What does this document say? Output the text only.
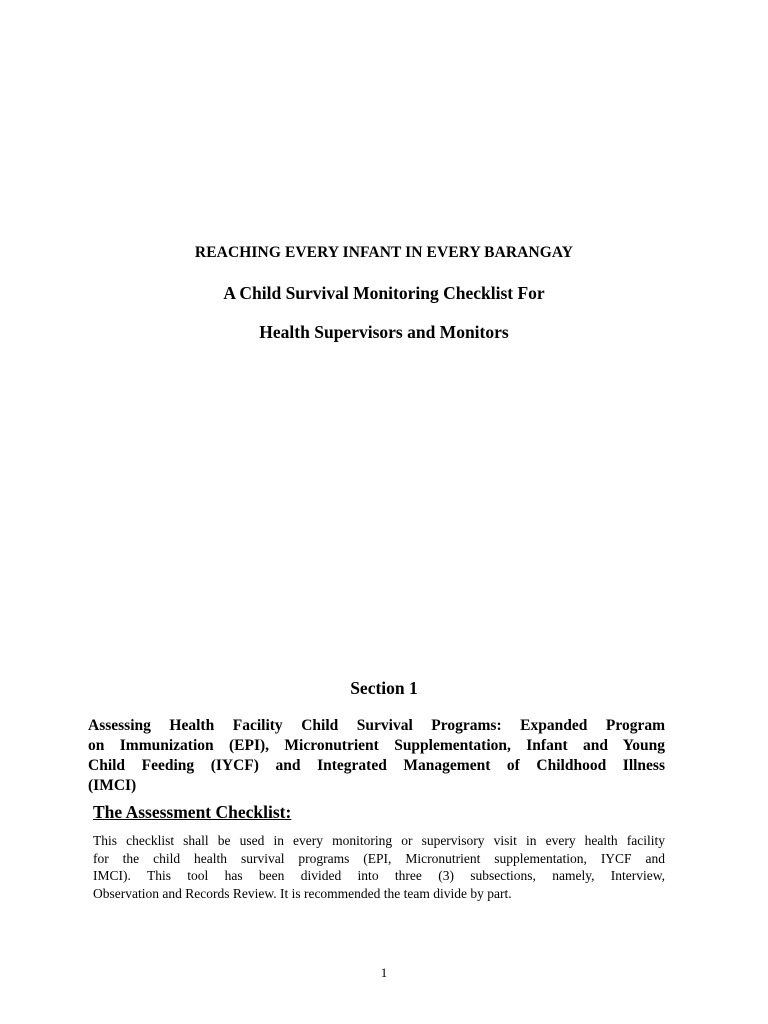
REACHING EVERY INFANT IN EVERY BARANGAY
A Child Survival Monitoring Checklist For
Health Supervisors and Monitors
Section 1
Assessing Health Facility Child Survival Programs: Expanded Program
on Immunization (EPI), Micronutrient Supplementation, Infant and Young
Child Feeding (IYCF) and Integrated Management of Childhood Illness
(IMCI)
The Assessment Checklist:
This checklist shall be used in every monitoring or supervisory visit in every health facility
for the child health survival programs (EPI, Micronutrient supplementation, IYCF and
IMCI). This tool has been divided into three (3) subsections, namely, Interview,
Observation and Records Review. It is recommended the team divide by part.
1
